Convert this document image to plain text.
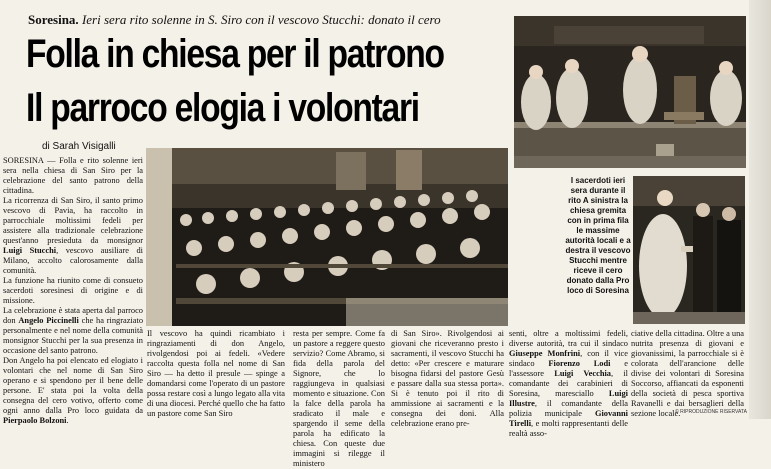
Soresina. Ieri sera rito solenne in S. Siro con il vescovo Stucchi: donato il cero
Folla in chiesa per il patrono
Il parroco elogia i volontari
di Sarah Visigalli
I sacerdoti ieri sera durante il rito A sinistra la chiesa gremita con in prima fila le massime autorità locali e a destra il vescovo Stucchi mentre riceve il cero donato dalla Pro loco di Soresina

SORESINA — Folla e rito solenne ieri sera nella chiesa di San Siro per la celebrazione del santo patrono della cittadina.

La ricorrenza di San Siro, il santo primo vescovo di Pavia, ha raccolto in parrocchiale moltissimi fedeli per assistere alla tradizionale celebrazione quest'anno presieduta da monsignor Luigi Stucchi, vescovo ausiliare di Milano, accolto calorosamente dalla comunità.

La funzione ha riunito come di consueto sacerdoti soresinesi di origine e di missione.

La celebrazione è stata aperta dal parroco don Angelo Piccinelli che ha ringraziato personalmente e nel nome della comunità monsignor Stucchi per la sua presenza in occasione del santo patrono.

Don Angelo ha poi elencato ed elogiato i volontari che nel nome di San Siro operano e si spendono per il bene delle persone. E' stata poi la volta della consegna del cero votivo, offerto come ogni anno dalla Pro loco guidata da Pierpaolo Bolzoni.

Il vescovo ha quindi ricambiato i ringraziamenti di don Angelo, rivolgendosi poi ai fedeli. «Vedere raccolta questa folla nel nome di San Siro — ha detto il presule — spinge a domandarsi come l'operato di un pastore possa restare così a lungo legato alla vita di una diocesi. Perché quello che ha fatto un pastore come San Siro
resta per sempre. Come fa un pastore a reggere questo servizio? Come Abramo, si fida della parola del Signore, che lo raggiungeva in qualsiasi momento e situazione. Con la falce della parola ha sradicato il male e spargendo il seme della parola ha edificato la chiesa. Con queste due immagini si rilegge il ministero
di San Siro». Rivolgendosi ai giovani che riceveranno presto i sacramenti, il vescovo Stucchi ha detto: «Per crescere e maturare bisogna fidarsi del pastore Gesù e passare dalla sua stessa porta». Si è tenuto poi il rito di ammissione ai sacramenti e la consegna dei doni. Alla celebrazione erano pre-
senti, oltre a moltissimi fedeli, diverse autorità, tra cui il sindaco Giuseppe Monfrini, con il vice sindaco Fiorenzo Lodi e l'assessore Luigi Vecchia, il comandante dei carabinieri di Soresina, maresciallo Luigi Illustre, il comandante della polizia municipale Giovanni Tirelli, e molti rappresentanti delle realtà asso-
ciative della cittadina. Oltre a una nutrita presenza di giovani e giovanissimi, la parrocchiale si è colorata dell'arancione delle divise dei volontari di Soresina Soccorso, affiancati da esponenti della società di pesca sportiva Ravanelli e dai bersaglieri della sezione locale.
© RIPRODUZIONE RISERVATA
